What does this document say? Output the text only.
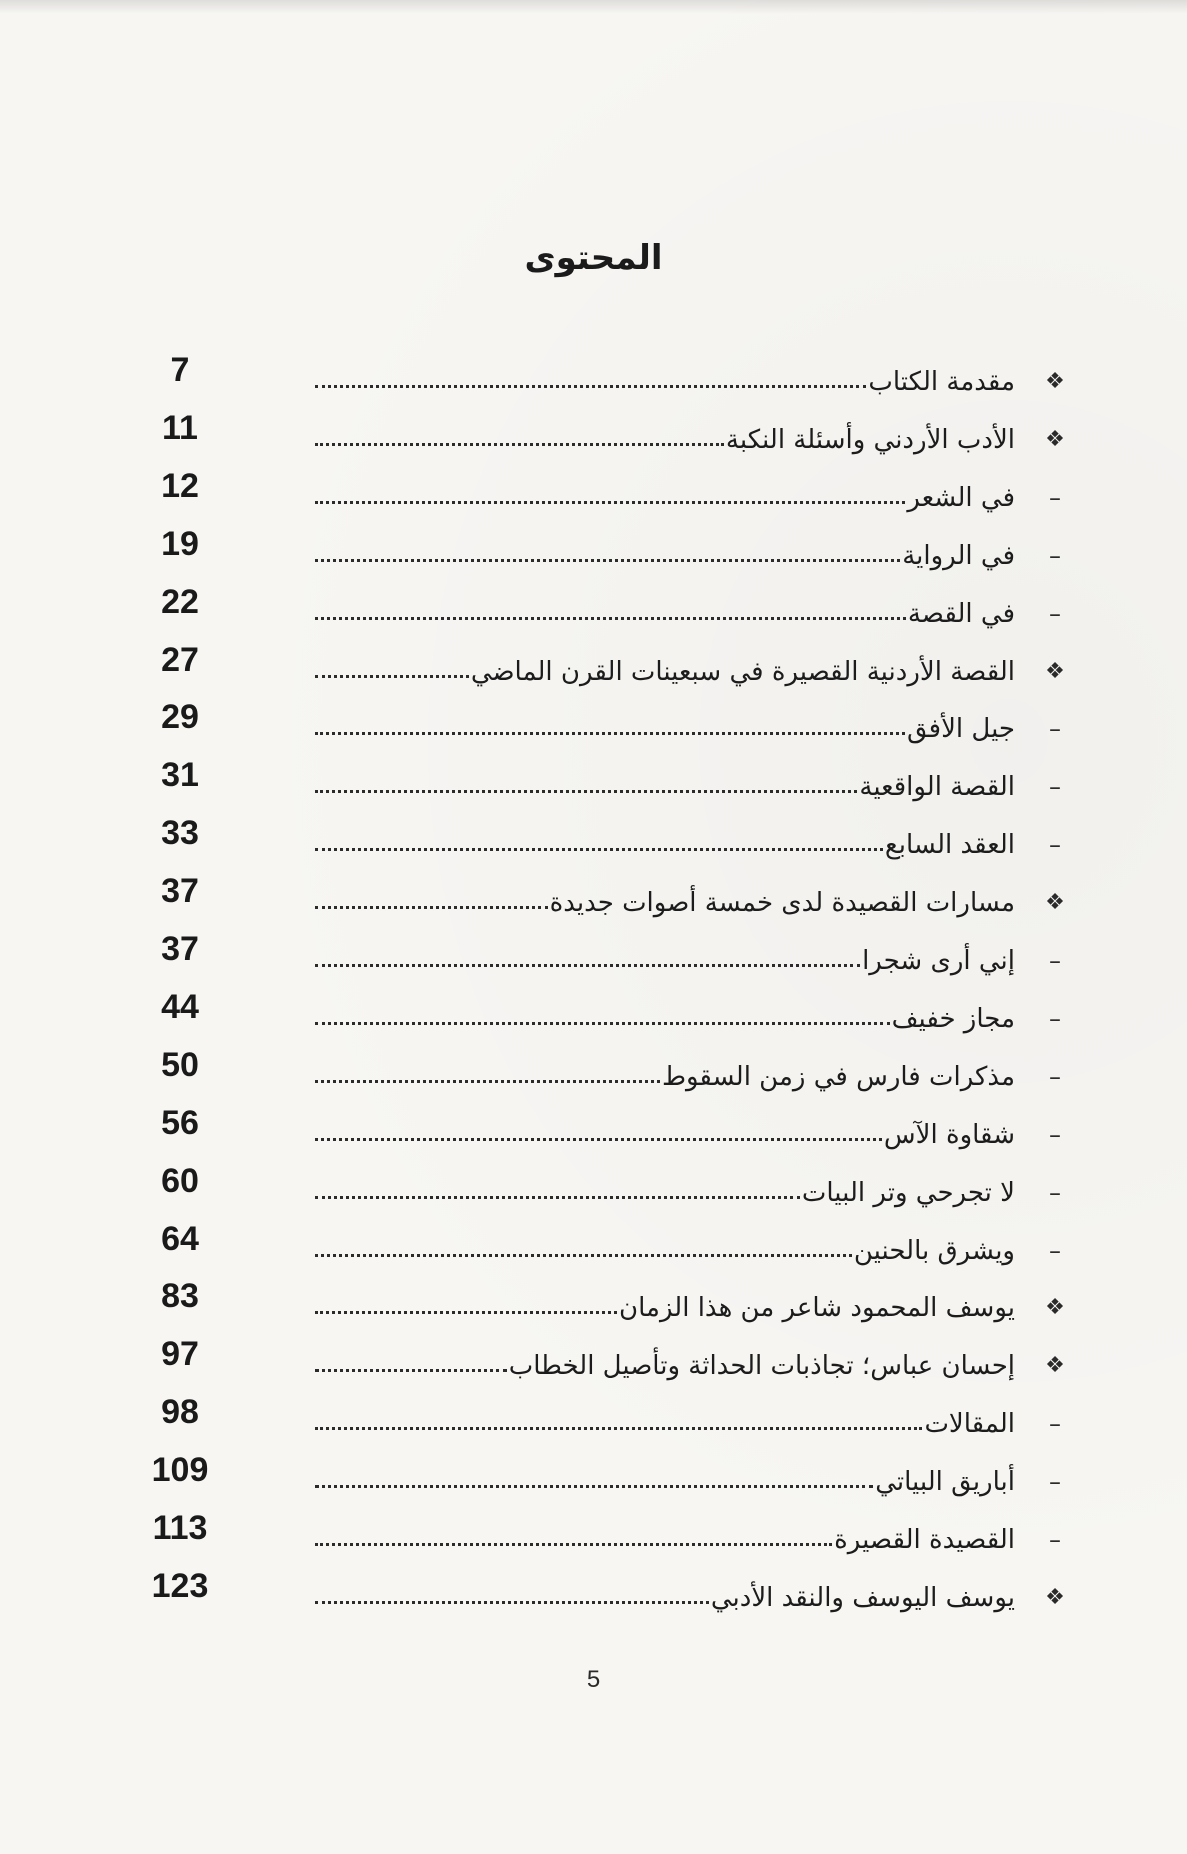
المحتوى
❖
مقدمة الكتاب
7
❖
الأدب الأردني وأسئلة النكبة
11
–
في الشعر
12
–
في الرواية
19
–
في القصة
22
❖
القصة الأردنية القصيرة في سبعينات القرن الماضي
27
–
جيل الأفق
29
–
القصة الواقعية
31
–
العقد السابع
33
❖
مسارات القصيدة لدى خمسة أصوات جديدة
37
–
إني أرى شجرا
37
–
مجاز خفيف
44
–
مذكرات فارس في زمن السقوط
50
–
شقاوة الآس
56
–
لا تجرحي وتر البيات
60
–
ويشرق بالحنين
64
❖
يوسف المحمود شاعر من هذا الزمان
83
❖
إحسان عباس؛ تجاذبات الحداثة وتأصيل الخطاب
97
–
المقالات
98
–
أباريق البياتي
109
–
القصيدة القصيرة
113
❖
يوسف اليوسف والنقد الأدبي
123
5
